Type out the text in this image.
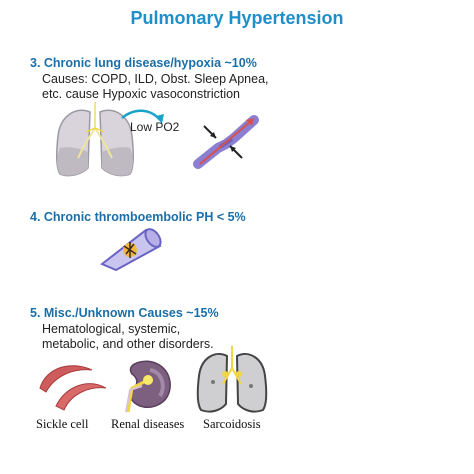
Pulmonary Hypertension
3. Chronic lung disease/hypoxia ~10%
Causes: COPD, ILD, Obst. Sleep Apnea,
etc. cause Hypoxic vasoconstriction
Low PO2
4. Chronic thromboembolic PH < 5%
5. Misc./Unknown Causes ~15%
Hematological, systemic,
metabolic, and other disorders.
Sickle cell Renal diseases Sarcoidosis
